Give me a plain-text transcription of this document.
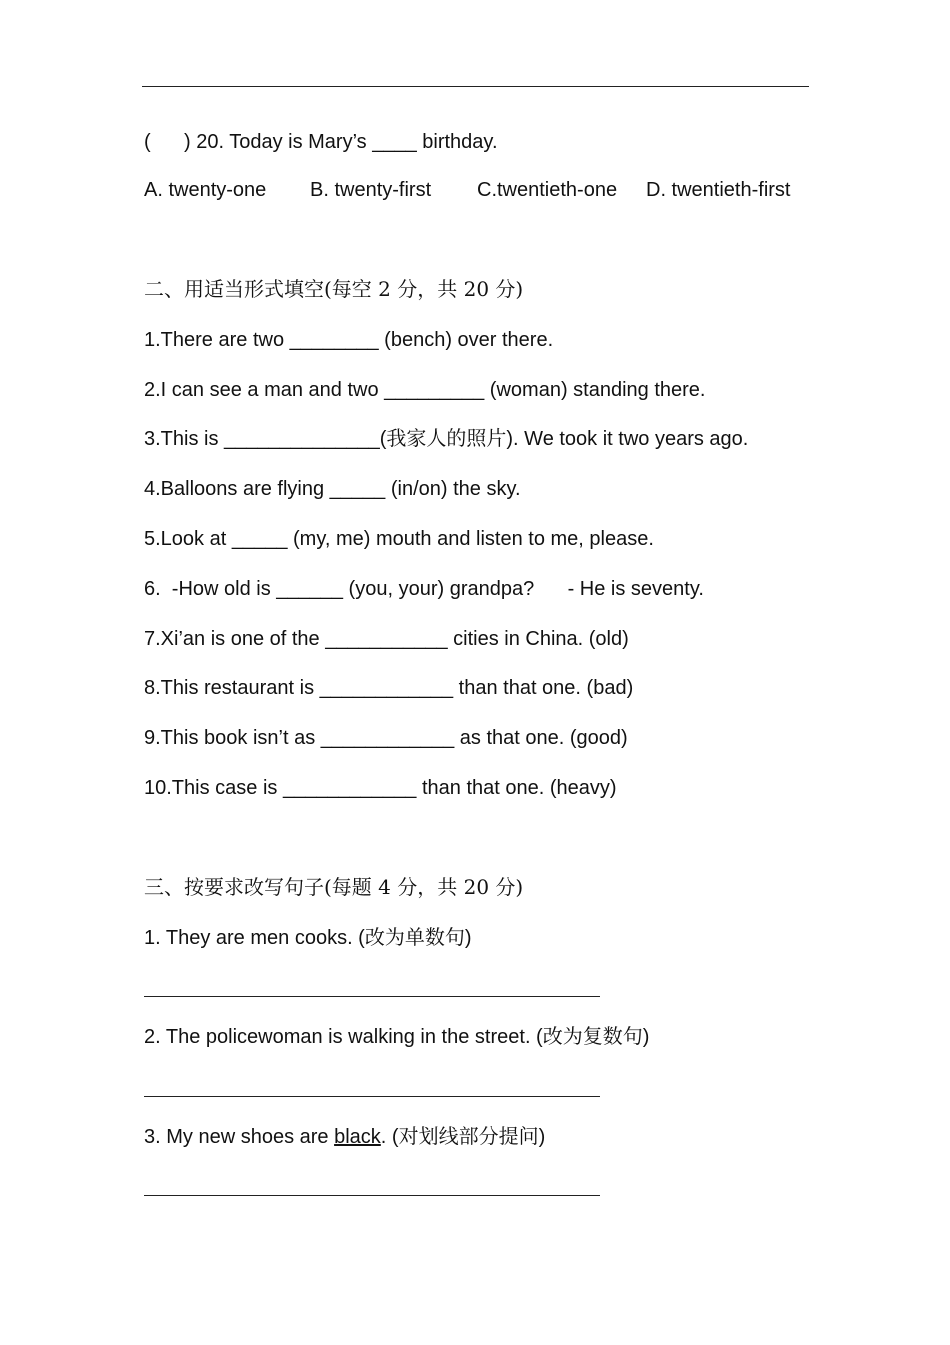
(      ) 20. Today is Mary’s ____ birthday.
A. twenty-one B. twenty-first C.twentieth-one D. twentieth-first
二、用适当形式填空(每空 2 分，共 20 分)
1.There are two ________ (bench) over there.
2.I can see a man and two _________ (woman) standing there.
3.This is ______________(我家人的照片). We took it two years ago.
4.Balloons are flying _____ (in/on) the sky.
5.Look at _____ (my, me) mouth and listen to me, please.
6.  -How old is ______ (you, your) grandpa?      - He is seventy.
7.Xi’an is one of the ___________ cities in China. (old)
8.This restaurant is ____________ than that one. (bad)
9.This book isn’t as ____________ as that one. (good)
10.This case is ____________ than that one. (heavy)
三、按要求改写句子(每题 4 分，共 20 分)
1. They are men cooks. (改为单数句)
2. The policewoman is walking in the street. (改为复数句)
3. My new shoes are black. (对划线部分提问)
